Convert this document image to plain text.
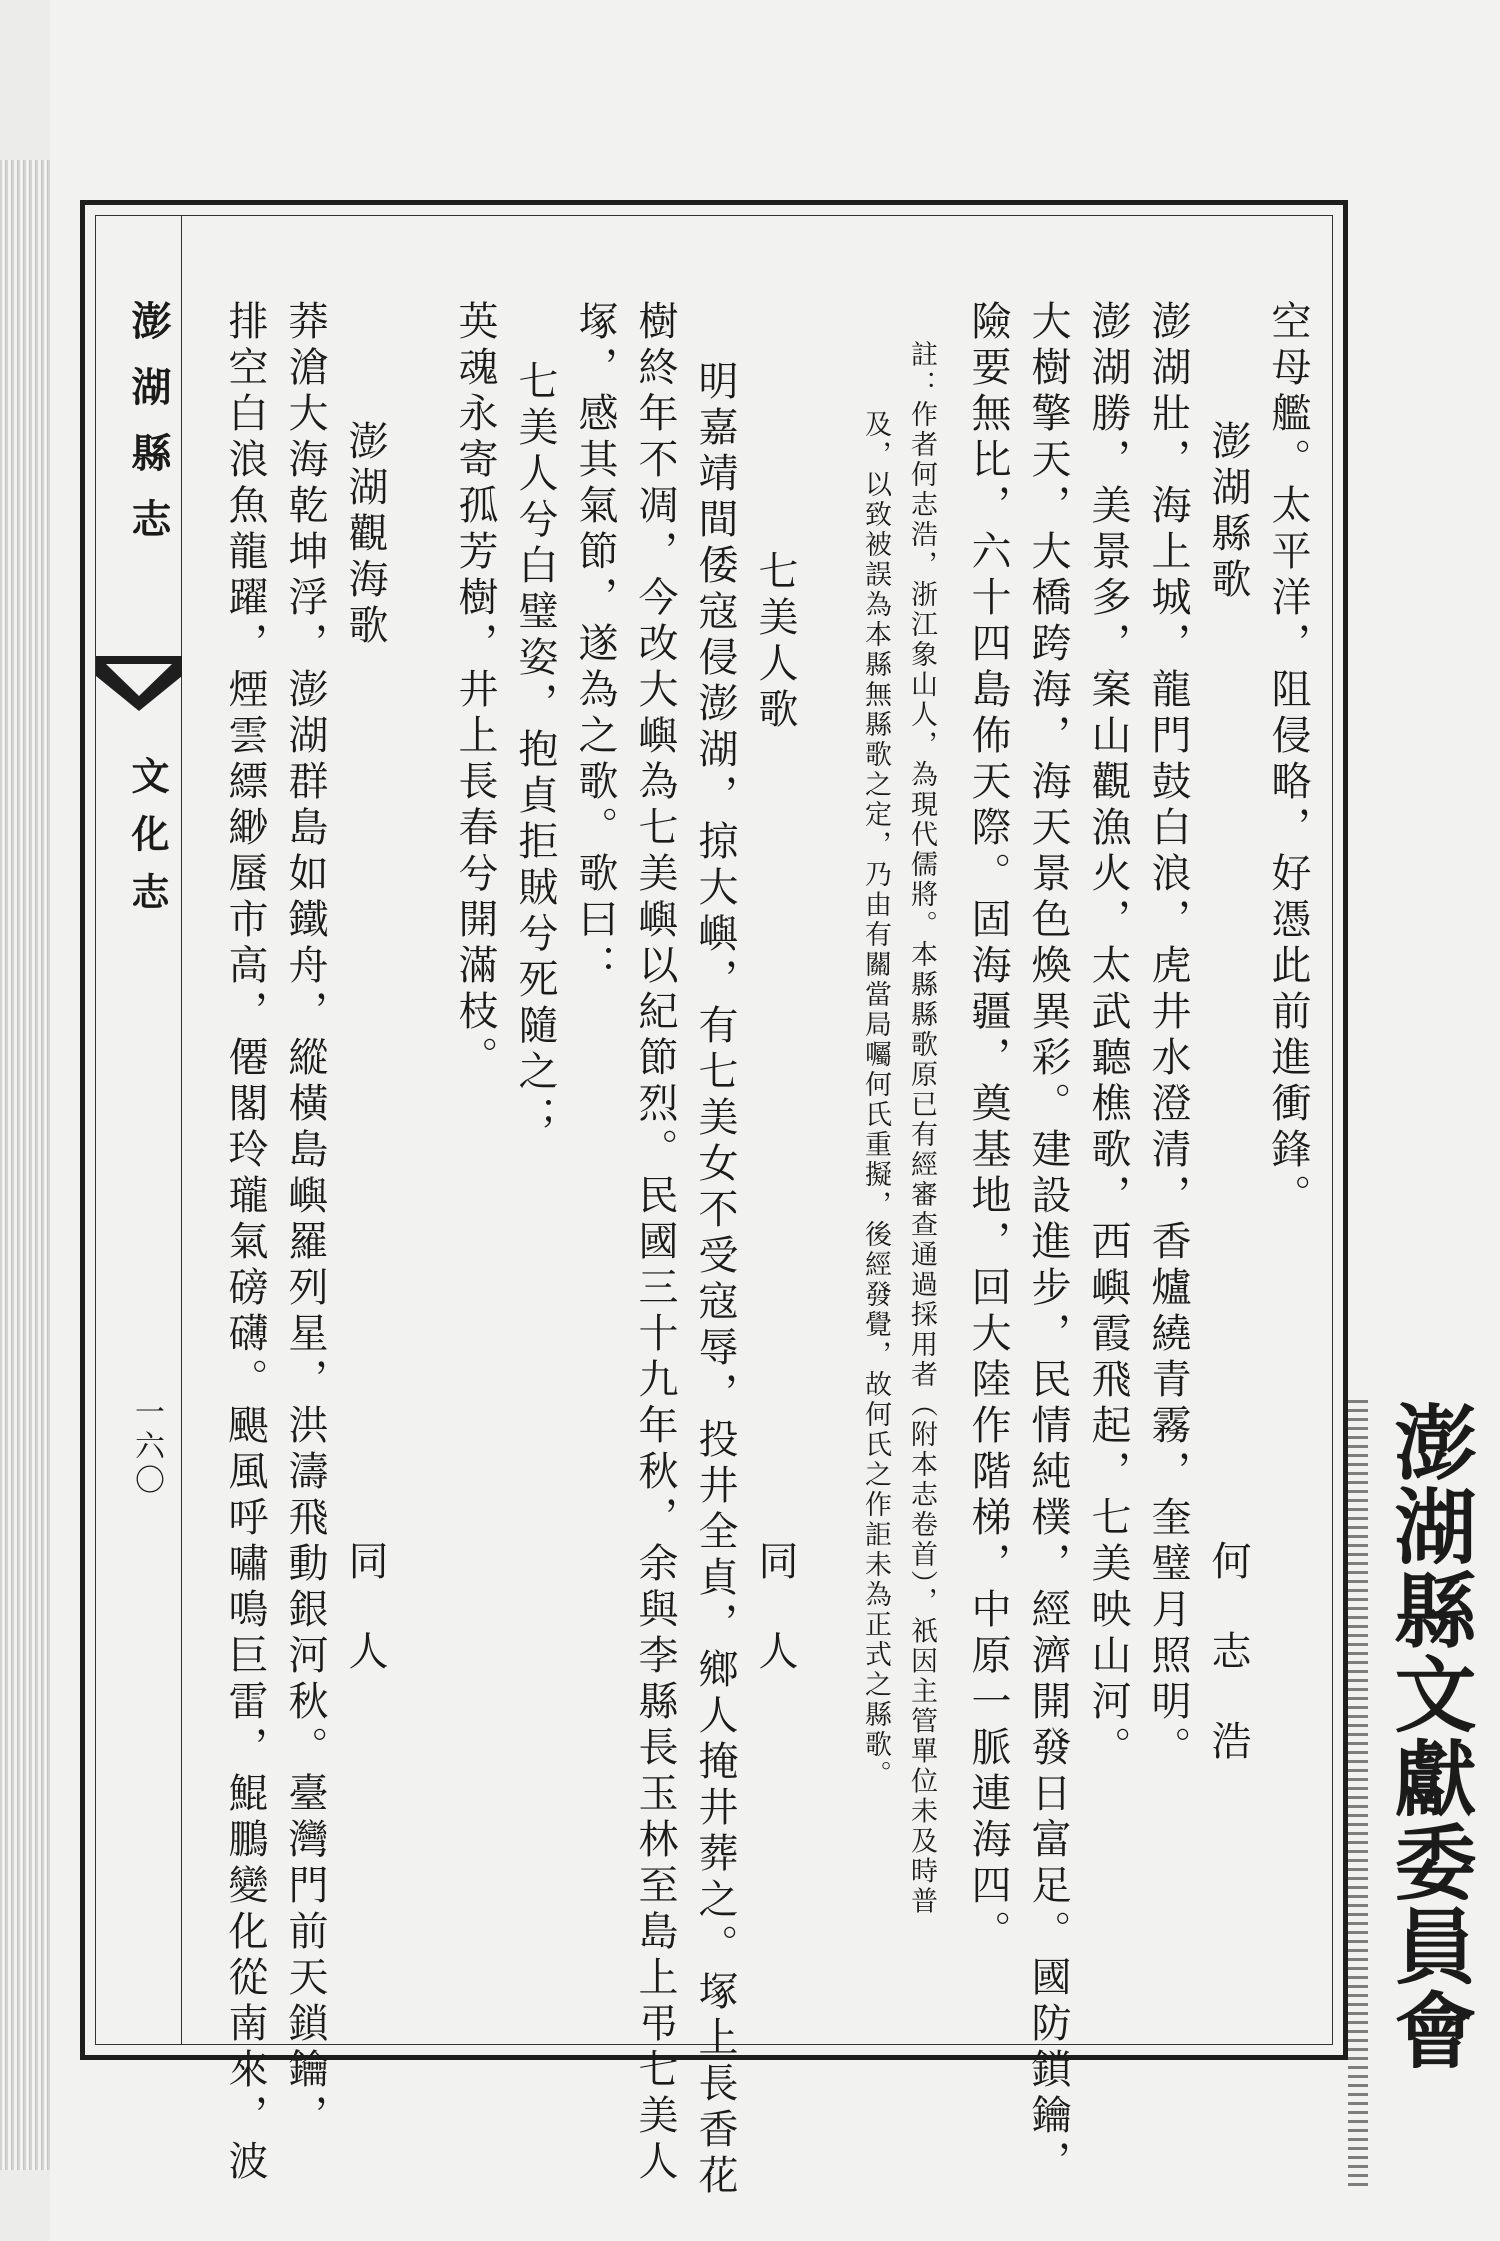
澎湖縣志
文化志
一六〇
空母艦。太平洋，阻侵略，好憑此前進衝鋒。
澎湖縣歌
何志浩
澎湖壯，海上城，龍門鼓白浪，虎井水澄清，香爐繞青霧，奎璧月照明。
澎湖勝，美景多，案山觀漁火，太武聽樵歌，西嶼霞飛起，七美映山河。
大樹擎天，大橋跨海，海天景色煥異彩。建設進步，民情純樸，經濟開發日富足。國防鎖鑰，
險要無比，六十四島佈天際。固海疆，奠基地，回大陸作階梯，中原一脈連海四。
註：作者何志浩，浙江象山人，為現代儒將。本縣縣歌原已有經審查通過採用者（附本志卷首），祇因主管單位未及時普
及，以致被誤為本縣無縣歌之定，乃由有關當局囑何氏重擬，後經發覺，故何氏之作詎未為正式之縣歌。
七美人歌
同人
明嘉靖間倭寇侵澎湖，掠大嶼，有七美女不受寇辱，投井全貞，鄉人掩井葬之。塚上長香花
樹終年不凋，今改大嶼為七美嶼以紀節烈。民國三十九年秋，余與李縣長玉林至島上弔七美人
塚，感其氣節，遂為之歌。歌曰：
七美人兮白璧姿，抱貞拒賊兮死隨之；
英魂永寄孤芳樹，井上長春兮開滿枝。
澎湖觀海歌
同人
莽滄大海乾坤浮，澎湖群島如鐵舟，縱橫島嶼羅列星，洪濤飛動銀河秋。臺灣門前天鎖鑰，
排空白浪魚龍躍，煙雲縹緲蜃市高，僊閣玲瓏氣磅礴。颶風呼嘯鳴巨雷，鯤鵬變化從南來，波	澎湖縣文獻委員會
